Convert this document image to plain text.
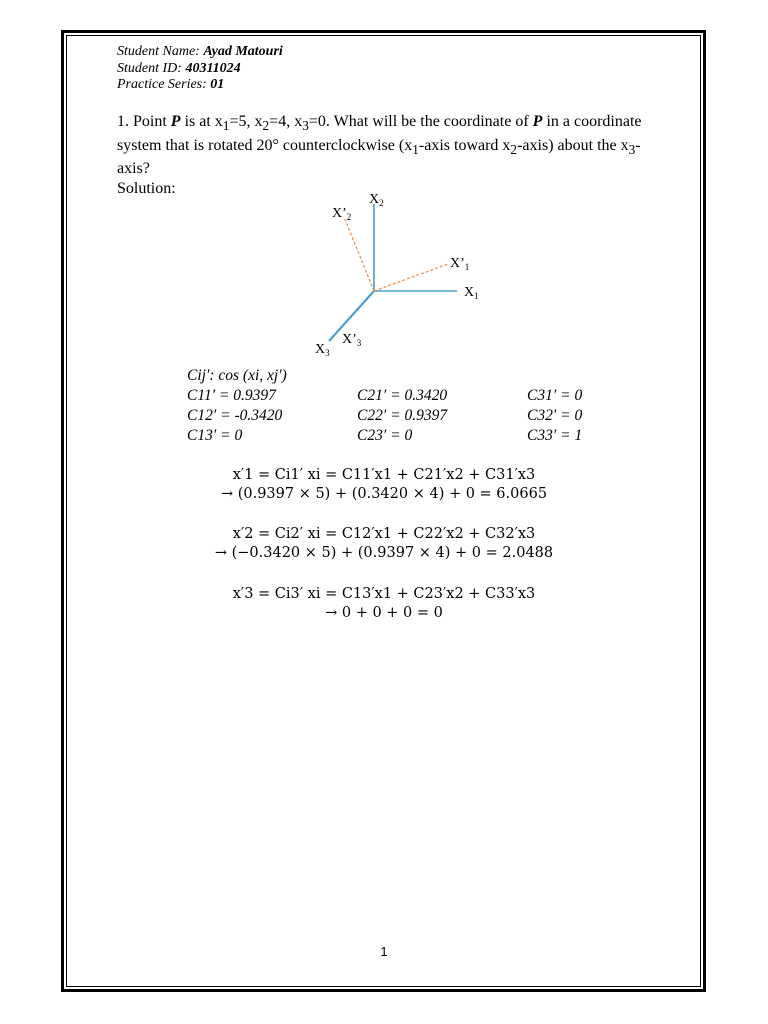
Student Name: Ayad Matouri
Student ID: 40311024
Practice Series: 01
1. Point P is at $x_1=5$, $x_2=4$, $x_3=0$. What will be the coordinate of P in a coordinate system that is rotated 20° counterclockwise ($x_1$-axis toward $x_2-axis$) about the $x_3$-axis?
Solution:
$X_2$
$X’_2$
$X’_1$
$X_1$
$X’_3$
$X_3$
Cij′: cos (xi, xj′)
C11′ = 0.9397	C21′ = 0.3420	C31′ = 0
C12′ = -0.3420	C22′ = 0.9397	C32′ = 0
C13′ = 0	C23′ = 0	C33′ = 1
x′1 = Ci1′ xi = C11′x1 + C21′x2 + C31′x3
→ (0.9397 × 5) + (0.3420 × 4) + 0 = 6.0665
x′2 = Ci2′ xi = C12′x1 + C22′x2 + C32′x3
→ (−0.3420 × 5) + (0.9397 × 4) + 0 = 2.0488
x′3 = Ci3′ xi = C13′x1 + C23′x2 + C33′x3
→ 0 + 0 + 0 = 0
1
